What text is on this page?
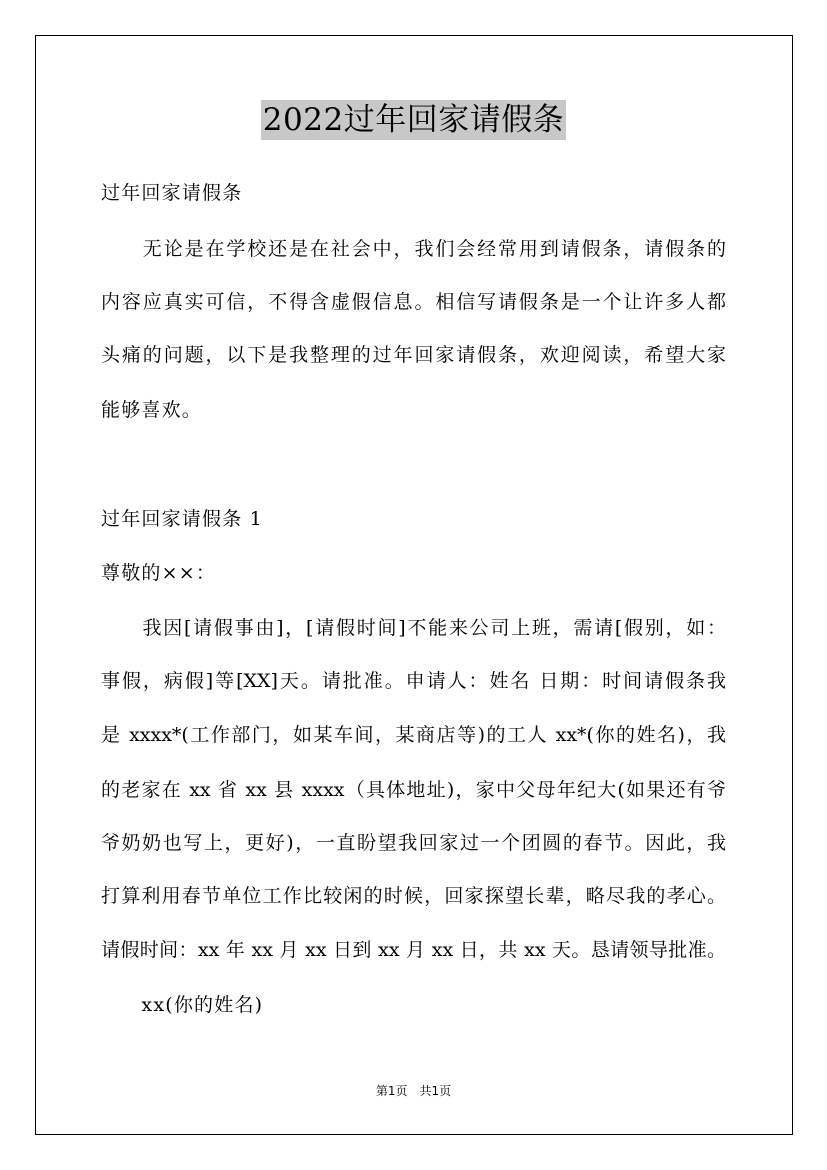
2022过年回家请假条
过年回家请假条
　　无论是在学校还是在社会中，我们会经常用到请假条，请假条的
内容应真实可信，不得含虚假信息。相信写请假条是一个让许多人都
头痛的问题，以下是我整理的过年回家请假条，欢迎阅读，希望大家
能够喜欢。
过年回家请假条 1
尊敬的××：
　　我因[请假事由]，[请假时间]不能来公司上班，需请[假别，如：
事假，病假]等[XX]天。请批准。申请人：姓名 日期：时间请假条我
是 xxxx*(工作部门，如某车间，某商店等)的工人 xx*(你的姓名)，我
的老家在 xx 省 xx 县 xxxx（具体地址)，家中父母年纪大(如果还有爷
爷奶奶也写上，更好)，一直盼望我回家过一个团圆的春节。因此，我
打算利用春节单位工作比较闲的时候，回家探望长辈，略尽我的孝心。
请假时间：xx 年 xx 月 xx 日到 xx 月 xx 日，共 xx 天。恳请领导批准。
　　xx(你的姓名)
第1页　共1页
